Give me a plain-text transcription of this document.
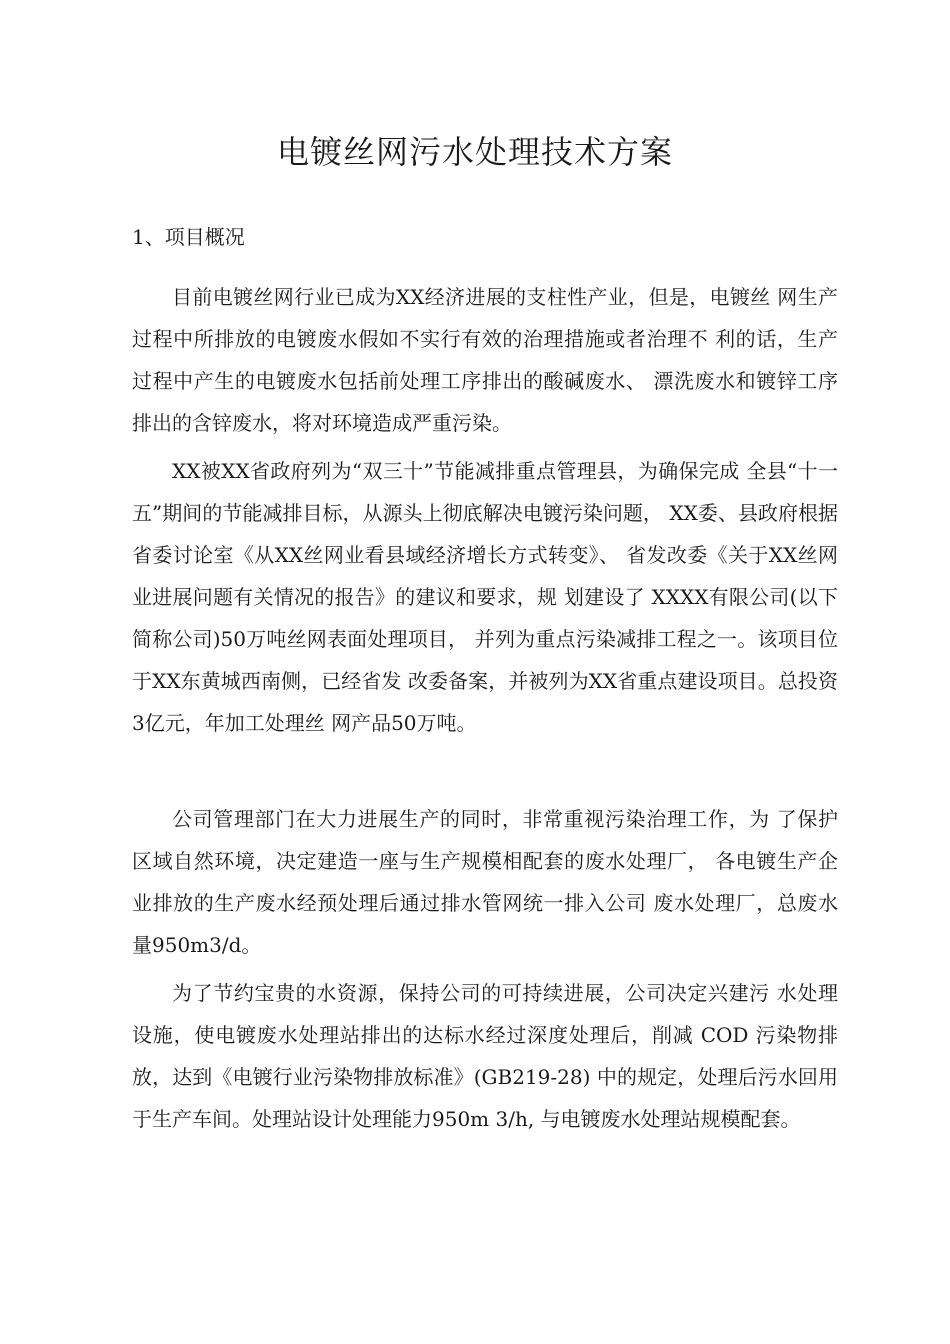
电镀丝网污水处理技术方案
1、项目概况

目前电镀丝网行业已成为XX经济进展的支柱性产业，但是，电镀丝 网生产过程中所排放的电镀废水假如不实行有效的治理措施或者治理不 利的话，生产过程中产生的电镀废水包括前处理工序排出的酸碱废水、 漂洗废水和镀锌工序排出的含锌废水，将对环境造成严重污染。

XX被XX省政府列为“双三十”节能减排重点管理县，为确保完成 全县“十一五”期间的节能减排目标，从源头上彻底解决电镀污染问题， XX委、县政府根据省委讨论室《从XX丝网业看县域经济增长方式转变》、 省发改委《关于XX丝网业进展问题有关情况的报告》的建议和要求，规 划建设了 XXXX有限公司(以下简称公司)50万吨丝网表面处理项目， 并列为重点污染减排工程之一。该项目位于XX东黄城西南侧，已经省发 改委备案，并被列为XX省重点建设项目。总投资3亿元，年加工处理丝 网产品50万吨。

公司管理部门在大力进展生产的同时，非常重视污染治理工作，为 了保护区域自然环境，决定建造一座与生产规模相配套的废水处理厂， 各电镀生产企业排放的生产废水经预处理后通过排水管网统一排入公司 废水处理厂，总废水量950m3/d。

为了节约宝贵的水资源，保持公司的可持续进展，公司决定兴建污 水处理设施，使电镀废水处理站排出的达标水经过深度处理后，削减 COD 污染物排放，达到《电镀行业污染物排放标准》(GB219-28) 中的规定，处理后污水回用于生产车间。处理站设计处理能力950m 3/h, 与电镀废水处理站规模配套。
